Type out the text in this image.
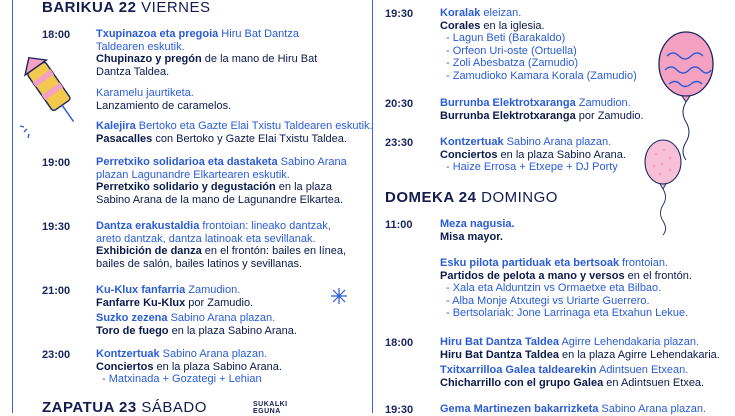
BARIKUA 22 VIERNES
18:00 Txupinazoa eta pregoia Hiru Bat Dantza
Taldearen eskutik.
Chupinazo y pregón de la mano de Hiru Bat
Dantza Taldea.
Karamelu jaurtiketa.
Lanzamiento de caramelos.
Kalejira Bertoko eta Gazte Elai Txistu Taldearen eskutik.
Pasacalles con Bertoko y Gazte Elai Txistu Taldea.
19:00 Perretxiko solidarioa eta dastaketa Sabino Arana
plazan Lagunandre Elkartearen eskutik.
Perretxiko solidario y degustación en la plaza
Sabino Arana de la mano de Lagunandre Elkartea.
19:30 Dantza erakustaldia frontoian: lineako dantzak,
areto dantzak, dantza latinoak eta sevillanak.
Exhibición de danza en el frontón: bailes en línea,
bailes de salón, bailes latinos y sevillanas.
21:00 Ku-Klux fanfarria Zamudion.
Fanfarre Ku-Klux por Zamudio.
Suzko zezena Sabino Arana plazan.
Toro de fuego en la plaza Sabino Arana.
23:00 Kontzertuak Sabino Arana plazan.
Conciertos en la plaza Sabino Arana.
- Matxinada + Gozategi + Lehian
ZAPATUA 23 SÁBADO	SUKALKI
EGUNA
19:30 Koralak eleizan.
Corales en la iglesia.
- Lagun Beti (Barakaldo)
- Orfeon Uri-oste (Ortuella)
- Zoli Abesbatza (Zamudio)
- Zamudioko Kamara Korala (Zamudio)
20:30 Burrunba Elektrotxaranga Zamudion.
Burrunba Elektrotxaranga por Zamudio.
23:30 Kontzertuak Sabino Arana plazan.
Conciertos en la plaza Sabino Arana.
- Haize Errosa + Etxepe + DJ Porty
DOMEKA 24 DOMINGO
11:00 Meza nagusia.
Misa mayor.
Esku pilota partiduak eta bertsoak frontoian.
Partidos de pelota a mano y versos en el frontón.
- Xala eta Alduntzin vs Ormaetxe eta Bilbao.
- Alba Monje Atxutegi vs Uriarte Guerrero.
- Bertsolariak: Jone Larrinaga eta Etxahun Lekue.
18:00 Hiru Bat Dantza Taldea Agirre Lehendakaria plazan.
Hiru Bat Dantza Taldea en la plaza Agirre Lehendakaria.
Txitxarrilloa Galea taldearekin Adintsuen Etxean.
Chicharrillo con el grupo Galea en Adintsuen Etxea.
19:30 Gema Martinezen bakarrizketa Sabino Arana plazan.
